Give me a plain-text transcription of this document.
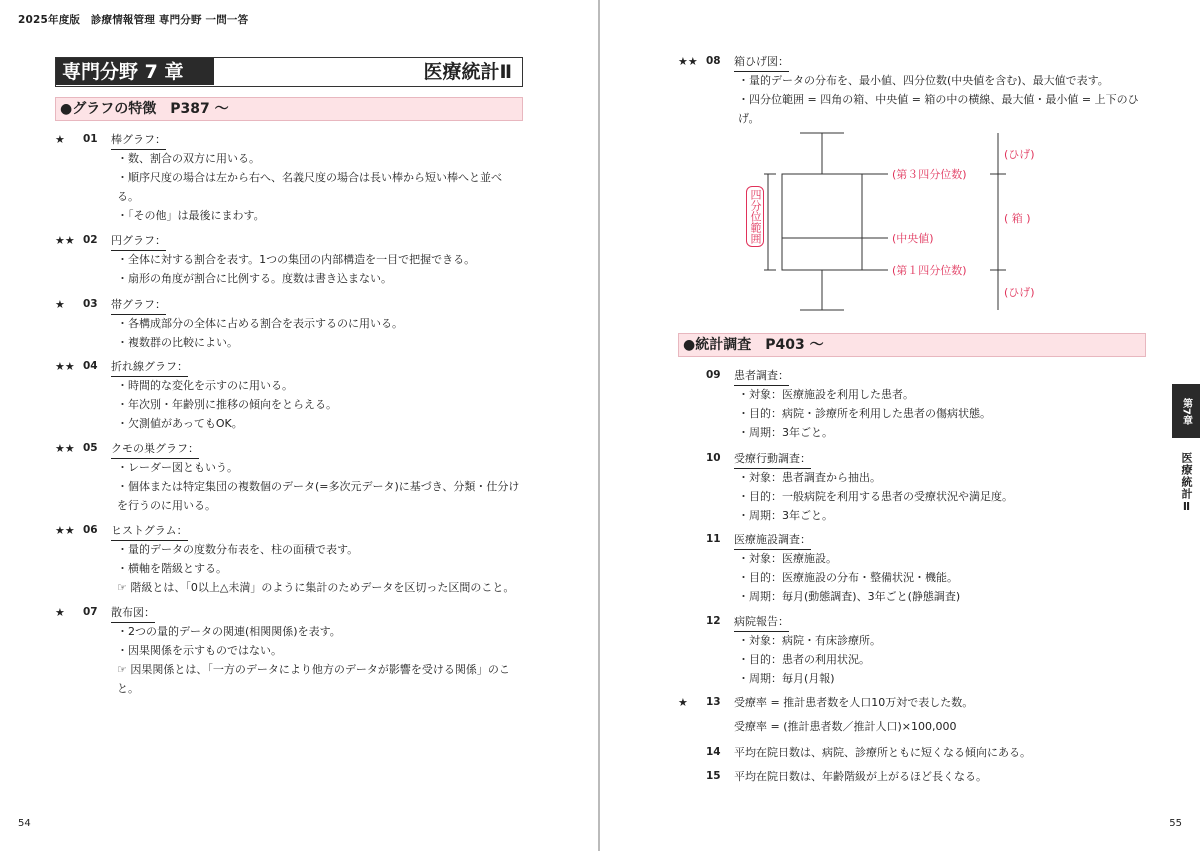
2025年度版　診療情報管理 専門分野 一問一答
専門分野 7 章	医療統計Ⅱ
●グラフの特徴　P387 ～
★	01 棒グラフ：
・数、割合の双方に用いる。
・順序尺度の場合は左から右へ、名義尺度の場合は長い棒から短い棒へと並べる。
・「その他」は最後にまわす。
★★ 02 円グラフ：
・全体に対する割合を表す。1つの集団の内部構造を一目で把握できる。
・扇形の角度が割合に比例する。度数は書き込まない。
★	03 帯グラフ：
・各構成部分の全体に占める割合を表示するのに用いる。
・複数群の比較によい。
★★ 04 折れ線グラフ：
・時間的な変化を示すのに用いる。
・年次別・年齢別に推移の傾向をとらえる。
・欠測値があってもOK。
★★ 05 クモの巣グラフ：
・レーダー図ともいう。
・個体または特定集団の複数個のデータ(=多次元データ)に基づき、分類・仕分けを行うのに用いる。
★★ 06 ヒストグラム：
・量的データの度数分布表を、柱の面積で表す。
・横軸を階級とする。
☞ 階級とは、「0以上△未満」のように集計のためデータを区切った区間のこと。
★	07 散布図：
・2つの量的データの関連(相関関係)を表す。
・因果関係を示すものではない。
☞ 因果関係とは、「一方のデータにより他方のデータが影響を受ける関係」のこと。
54
★★ 08 箱ひげ図：
・量的データの分布を、最小値、四分位数(中央値を含む)、最大値で表す。
・四分位範囲 = 四角の箱、中央値 = 箱の中の横線、最大値・最小値 = 上下のひげ。
(第３四分位数)
(中央値)
(第１四分位数)
(ひげ)
( 箱 )
(ひげ)
四分位範囲
●統計調査　P403 ～
09 患者調査：
・対象：医療施設を利用した患者。
・目的：病院・診療所を利用した患者の傷病状態。
・周期：3年ごと。
10 受療行動調査：
・対象：患者調査から抽出。
・目的：一般病院を利用する患者の受療状況や満足度。
・周期：3年ごと。
11 医療施設調査：
・対象：医療施設。
・目的：医療施設の分布・整備状況・機能。
・周期：毎月(動態調査)、3年ごと(静態調査)
12 病院報告：
・対象：病院・有床診療所。
・目的：患者の利用状況。
・周期：毎月(月報)
★	13 受療率 = 推計患者数を人口10万対で表した数。
受療率 = (推計患者数／推計人口)×100,000
14 平均在院日数は、病院、診療所ともに短くなる傾向にある。
15 平均在院日数は、年齢階級が上がるほど長くなる。
第7章
医療統計Ⅱ
55
